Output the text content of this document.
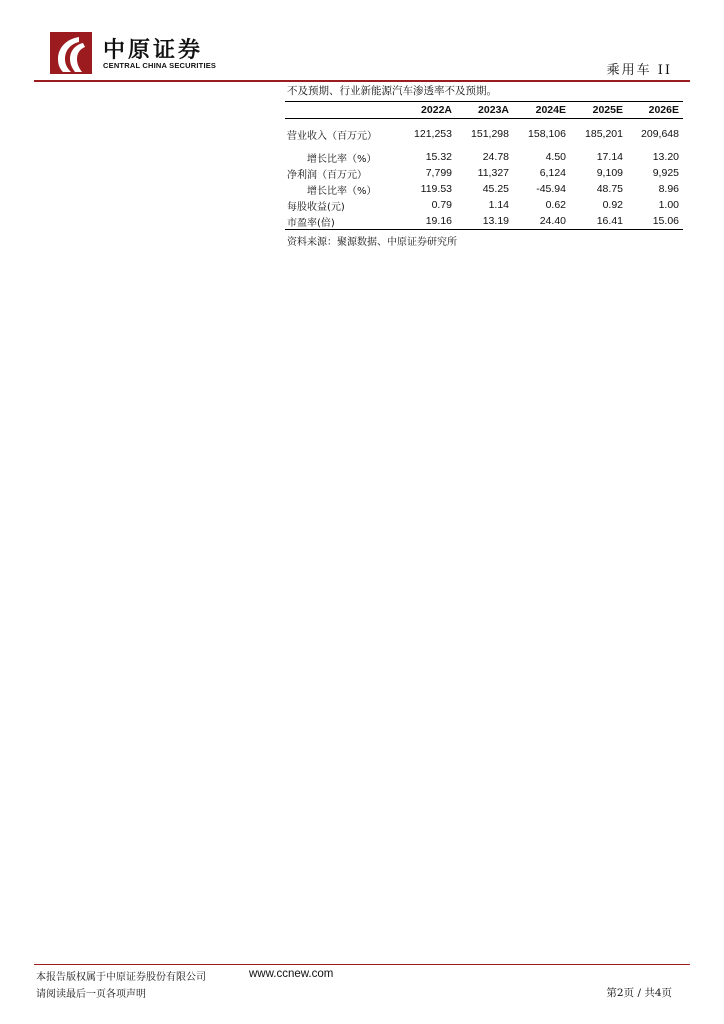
中原证券
CENTRAL CHINA SECURITIES	乘用车 II
不及预期、行业新能源汽车渗透率不及预期。
	2022A	2023A	2024E	2025E	2026E
营业收入（百万元）	121,253	151,298	158,106	185,201	209,648
增长比率（%）	15.32	24.78	4.50	17.14	13.20
净利润（百万元）	7,799	11,327	6,124	9,109	9,925
增长比率（%）	119.53	45.25	-45.94	48.75	8.96
每股收益(元)	0.79	1.14	0.62	0.92	1.00
市盈率(倍)	19.16	13.19	24.40	16.41	15.06
资料来源：聚源数据、中原证券研究所
本报告版权属于中原证券股份有限公司	www.ccnew.com
请阅读最后一页各项声明	第2页 / 共4页
